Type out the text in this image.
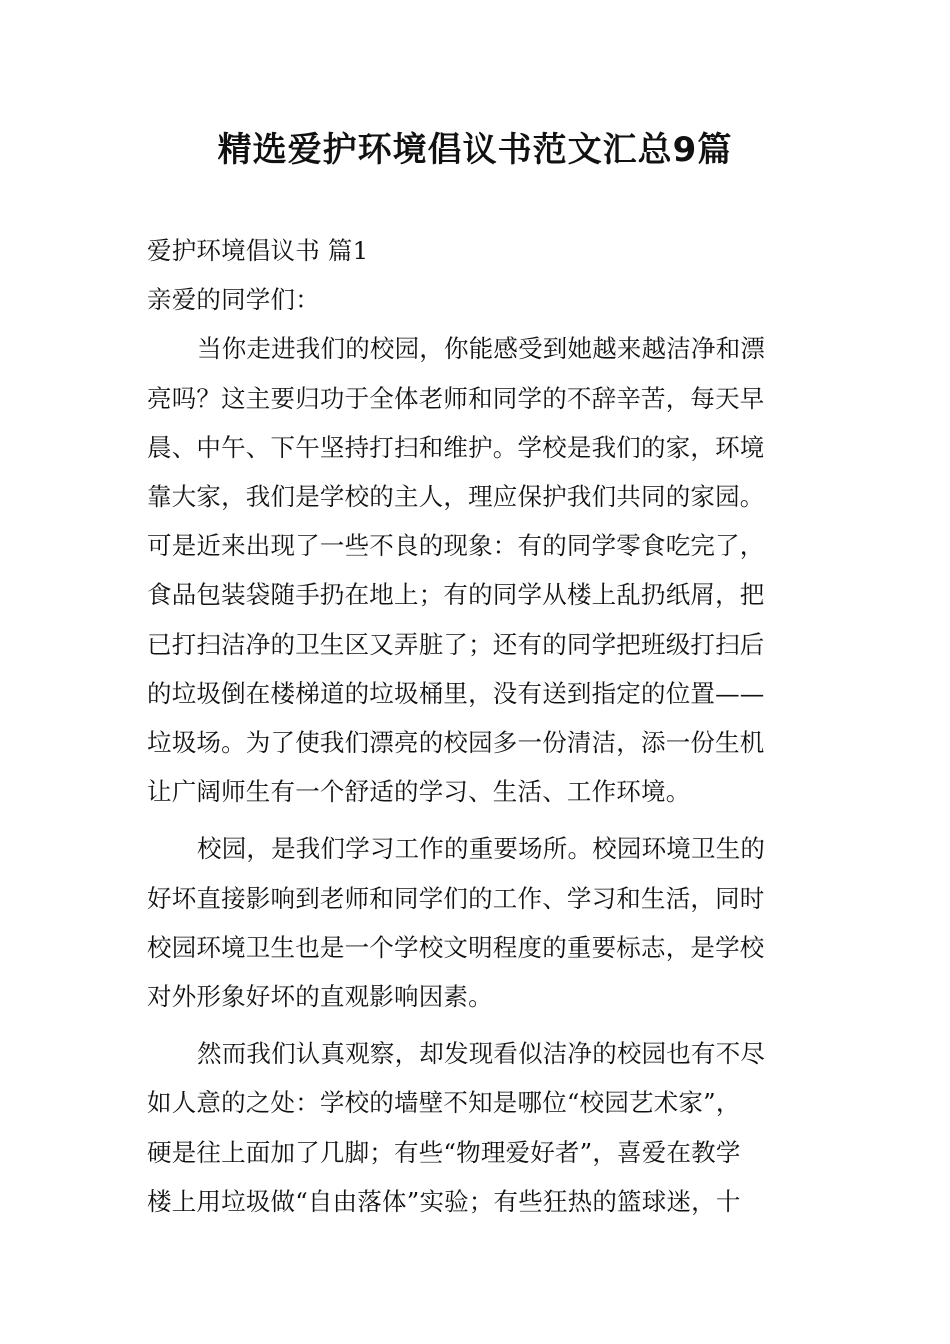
精选爱护环境倡议书范文汇总9篇
爱护环境倡议书 篇1
亲爱的同学们：
当你走进我们的校园，你能感受到她越来越洁净和漂
亮吗？这主要归功于全体老师和同学的不辞辛苦，每天早
晨、中午、下午坚持打扫和维护。学校是我们的家，环境
靠大家，我们是学校的主人，理应保护我们共同的家园。
可是近来出现了一些不良的现象：有的同学零食吃完了，
食品包装袋随手扔在地上；有的同学从楼上乱扔纸屑，把
已打扫洁净的卫生区又弄脏了；还有的同学把班级打扫后
的垃圾倒在楼梯道的垃圾桶里，没有送到指定的位置——
垃圾场。为了使我们漂亮的校园多一份清洁，添一份生机
让广阔师生有一个舒适的学习、生活、工作环境。
校园，是我们学习工作的重要场所。校园环境卫生的
好坏直接影响到老师和同学们的工作、学习和生活，同时
校园环境卫生也是一个学校文明程度的重要标志，是学校
对外形象好坏的直观影响因素。
然而我们认真观察，却发现看似洁净的校园也有不尽
如人意的之处：学校的墙壁不知是哪位“校园艺术家”，
硬是往上面加了几脚；有些“物理爱好者”，喜爱在教学
楼上用垃圾做“自由落体”实验；有些狂热的篮球迷，十
